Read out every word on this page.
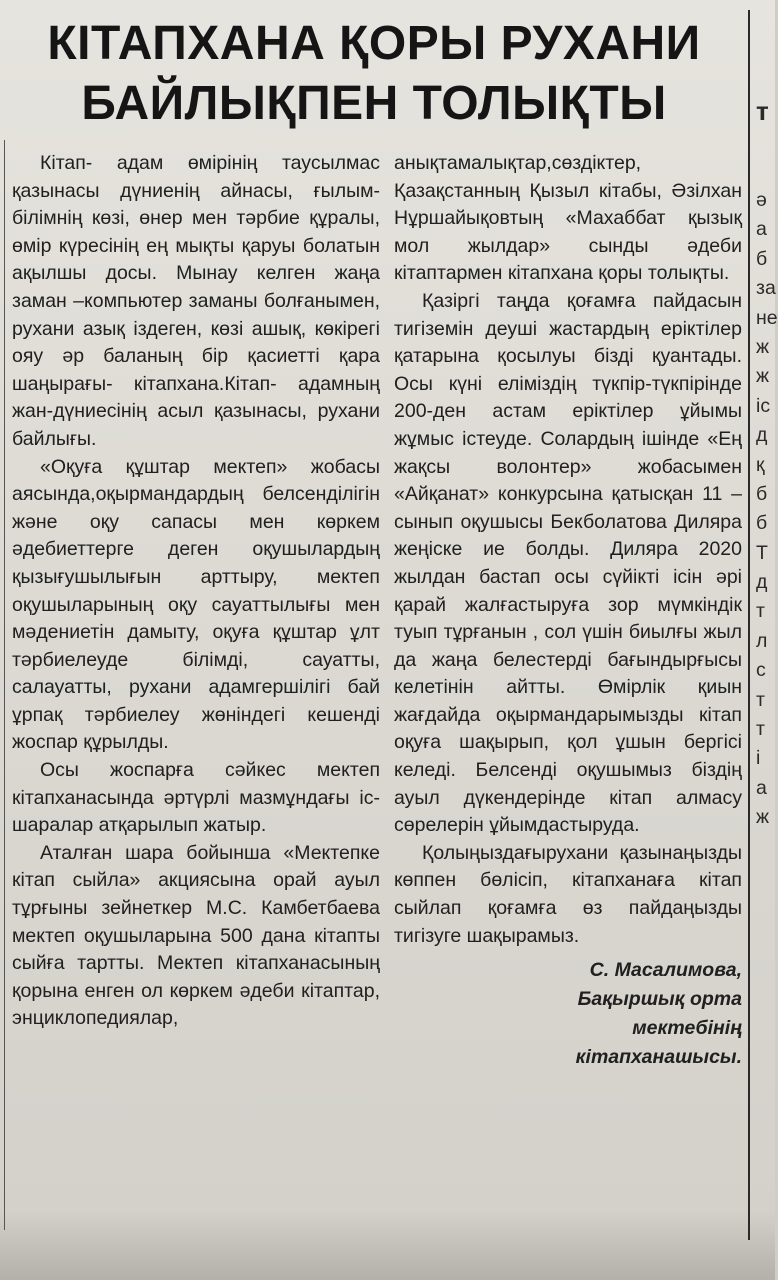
КІТАПХАНА ҚОРЫ РУХАНИ
БАЙЛЫҚПЕН ТОЛЫҚТЫ

Кітап- адам өмірінің таусылмас қазынасы дүниенің айнасы, ғылым- білімнің көзі, өнер мен тәрбие құралы, өмір күресінің ең мықты қаруы болатын ақылшы досы. Мынау келген жаңа заман –компьютер заманы болғанымен, рухани азық іздеген, көзі ашық, көкірегі ояу әр баланың бір қасиетті қара шаңырағы- кітапхана.Кітап- адамның жан-дүниесінің асыл қазынасы, рухани байлығы.

«Оқуға құштар мектеп» жобасы аясында,оқырмандардың белсенділігін және оқу сапасы мен көркем әдебиеттерге деген оқушылардың қызығушылығын арттыру, мектеп оқушыларының оқу сауаттылығы мен мәдениетін дамыту, оқуға құштар ұлт тәрбиелеуде білімді, сауатты, салауатты, рухани адамгершілігі бай ұрпақ тәрбиелеу жөніндегі кешенді жоспар құрылды.

Осы жоспарға сәйкес мектеп кітапханасында әртүрлі мазмұндағы іс-шаралар атқарылып жатыр.

Аталған шара бойынша «Мектепке кітап сыйла» акциясына орай ауыл тұрғыны зейнеткер М.С. Камбетбаева мектеп оқушыларына 500 дана кітапты сыйға тартты. Мектеп кітапханасының қорына енген ол көркем әдеби кітаптар, энциклопедиялар,

анықтамалықтар,сөздіктер, Қазақстанның Қызыл кітабы, Әзілхан Нұршайықовтың «Махаббат қызық мол жылдар» сынды әдеби кітаптармен кітапхана қоры толықты.

Қазіргі таңда қоғамға пайдасын тигіземін деуші жастардың еріктілер қатарына қосылуы бізді қуантады. Осы күні еліміздің түкпір-түкпірінде 200-ден астам еріктілер ұйымы жұмыс істеуде. Солардың ішінде «Ең жақсы волонтер» жобасымен «Айқанат» конкурсына қатысқан 11 –сынып оқушысы Бекболатова Диляра жеңіске ие болды. Диляра 2020 жылдан бастап осы сүйікті ісін әрі қарай жалғастыруға зор мүмкіндік туып тұрғанын , сол үшін биылғы жыл да жаңа белестерді бағындырғысы келетінін айтты. Өмірлік қиын жағдайда оқырмандарымызды кітап оқуға шақырып, қол ұшын бергісі келеді. Белсенді оқушымыз біздің ауыл дүкендерінде кітап алмасу сөрелерін ұйымдастыруда.

Қолыңыздағырухани қазынаңызды көппен бөлісіп, кітапханаға кітап сыйлап қоғамға өз пайдаңызды тигізуге шақырамыз.

С. Масалимова,
Бақыршық орта
мектебінің
кітапханашысы.
т
ә
а
б
за
не
ж
ж
іс
д
қ
б
б
Т
д
т
л
с
т
т
і
а
ж
